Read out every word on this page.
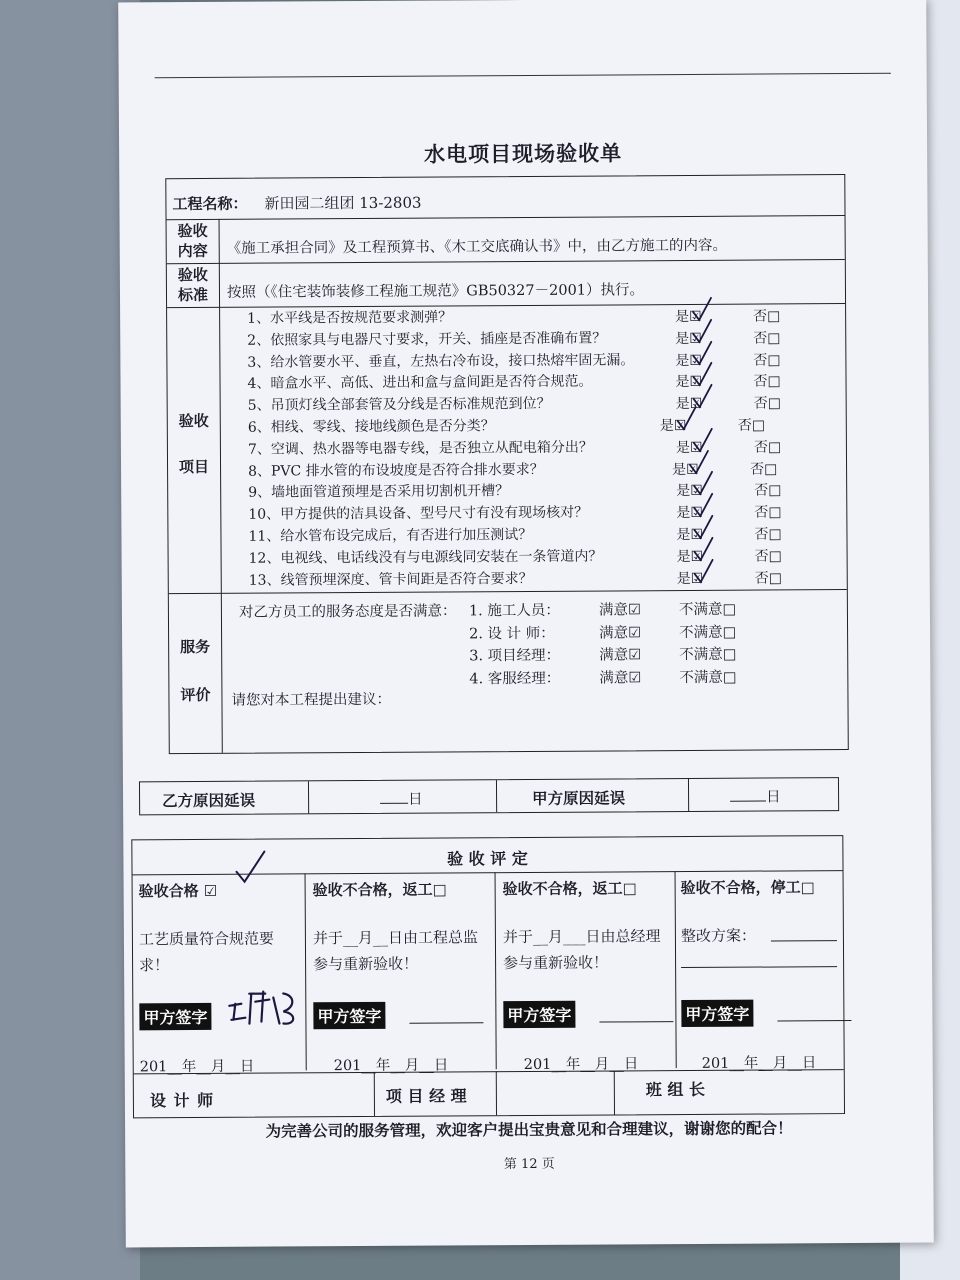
水电项目现场验收单
工程名称： 新田园二组团 13-2803
验收
内容	《施工承担合同》及工程预算书、《木工交底确认书》中，由乙方施工的内容。
验收
标准	按照（《住宅装饰装修工程施工规范》GB50327－2001）执行。
验收
项目
1、水平线是否按规范要求测弹？	是☑	否□
2、依照家具与电器尺寸要求，开关、插座是否准确布置？	是☑	否□
3、给水管要水平、垂直，左热右冷布设，接口热熔牢固无漏。	是☑	否□
4、暗盒水平、高低、进出和盒与盒间距是否符合规范。	是☑	否□
5、吊顶灯线全部套管及分线是否标准规范到位？	是☑	否□
6、相线、零线、接地线颜色是否分类？	是☑	否□
7、空调、热水器等电器专线，是否独立从配电箱分出？	是☑	否□
8、PVC 排水管的布设坡度是否符合排水要求？	是☑	否□
9、墙地面管道预埋是否采用切割机开槽？	是☑	否□
10、甲方提供的洁具设备、型号尺寸有没有现场核对？	是☑	否□
11、给水管布设完成后，有否进行加压测试？	是☑	否□
12、电视线、电话线没有与电源线同安装在一条管道内？	是☑	否□
13、线管预埋深度、管卡间距是否符合要求？	是☑	否□
服务
评价
对乙方员工的服务态度是否满意：
请您对本工程提出建议：
1. 施工人员：	满意☑	不满意□
2. 设 计 师：	满意☑	不满意□
3. 项目经理：	满意☑	不满意□
4. 客服经理：	满意☑	不满意□
乙方原因延误	日	甲方原因延误	日
验 收 评 定
验收合格 ☑
工艺质量符合规范要求！
甲方签字
201__年__月__日
验收不合格，返工□
并于__月__日由工程总监参与重新验收！
甲方签字
201__年__月__日
验收不合格，返工□
并于__月___日由总经理参与重新验收！
甲方签字
201__年__月__日
验收不合格，停工□
整改方案：
甲方签字
201__年__月__日
设 计 师	项 目 经 理	班 组 长
为完善公司的服务管理，欢迎客户提出宝贵意见和合理建议，谢谢您的配合！
第 12 页
